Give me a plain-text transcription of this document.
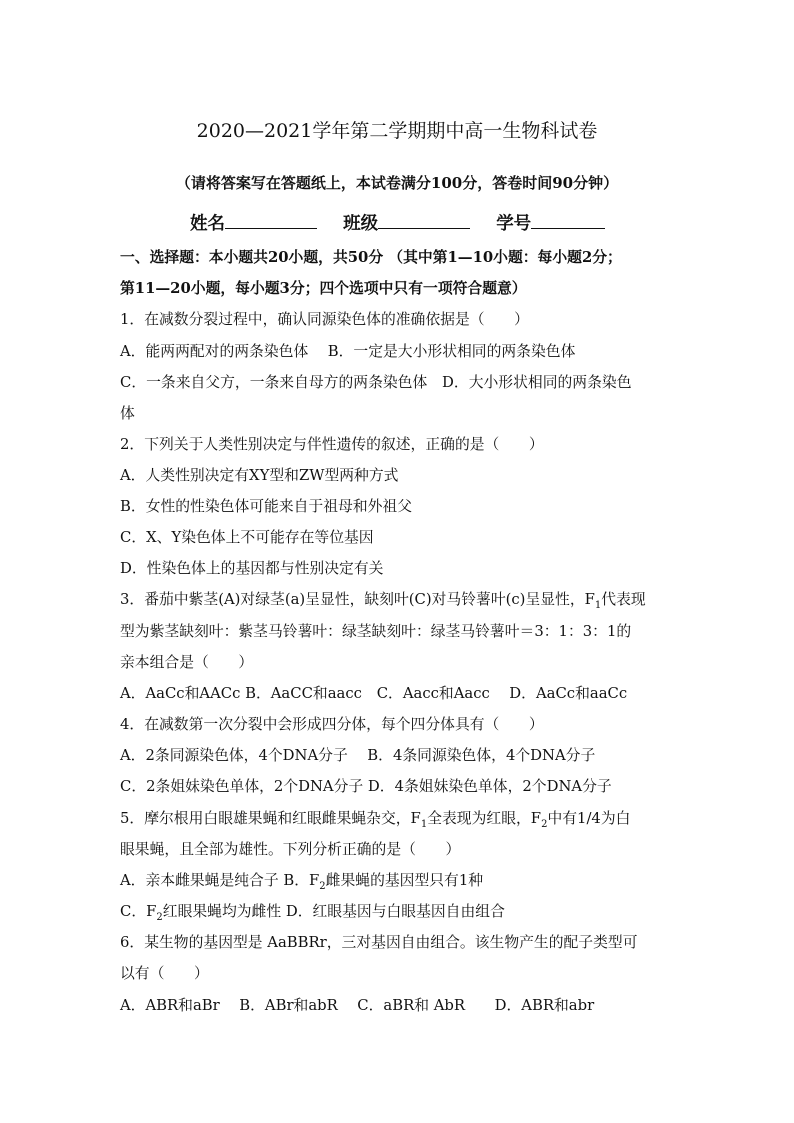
2020—2021学年第二学期期中高一生物科试卷
（请将答案写在答题纸上，本试卷满分100分，答卷时间90分钟）
姓名	班级	学号
一、选择题：本小题共20小题，共50分 （其中第1—10小题：每小题2分；
第11—20小题，每小题3分；四个选项中只有一项符合题意）
1．在减数分裂过程中，确认同源染色体的准确依据是（　　）
A．能两两配对的两条染色体　 B．一定是大小形状相同的两条染色体
C．一条来自父方，一条来自母方的两条染色体　D．大小形状相同的两条染色
体
2．下列关于人类性别决定与伴性遗传的叙述，正确的是（　　）
A．人类性别决定有XY型和ZW型两种方式
B．女性的性染色体可能来自于祖母和外祖父
C．X、Y染色体上不可能存在等位基因
D．性染色体上的基因都与性别决定有关
3．番茄中紫茎(A)对绿茎(a)呈显性，缺刻叶(C)对马铃薯叶(c)呈显性，$F_1$代表现
型为紫茎缺刻叶：紫茎马铃薯叶：绿茎缺刻叶：绿茎马铃薯叶＝3：1：3：1的
亲本组合是（　　）
A．AaCc和AACc B．AaCC和aacc　C．Aacc和Aacc　 D．AaCc和aaCc
4．在减数第一次分裂中会形成四分体，每个四分体具有（　　）
A．2条同源染色体，4个DNA分子　 B．4条同源染色体，4个DNA分子
C．2条姐妹染色单体，2个DNA分子 D．4条姐妹染色单体，2个DNA分子
5．摩尔根用白眼雄果蝇和红眼雌果蝇杂交，$F_1$全表现为红眼，$F_2$中有1/4为白
眼果蝇，且全部为雄性。下列分析正确的是（　　）
A．亲本雌果蝇是纯合子 B．$F_2$雌果蝇的基因型只有1种
C．$F_2$红眼果蝇均为雌性 D．红眼基因与白眼基因自由组合
6．某生物的基因型是 AaBBRr，三对基因自由组合。该生物产生的配子类型可
以有（　　）
A．ABR和aBr　 B．ABr和abR　 C．aBR和 AbR　　D．ABR和abr
